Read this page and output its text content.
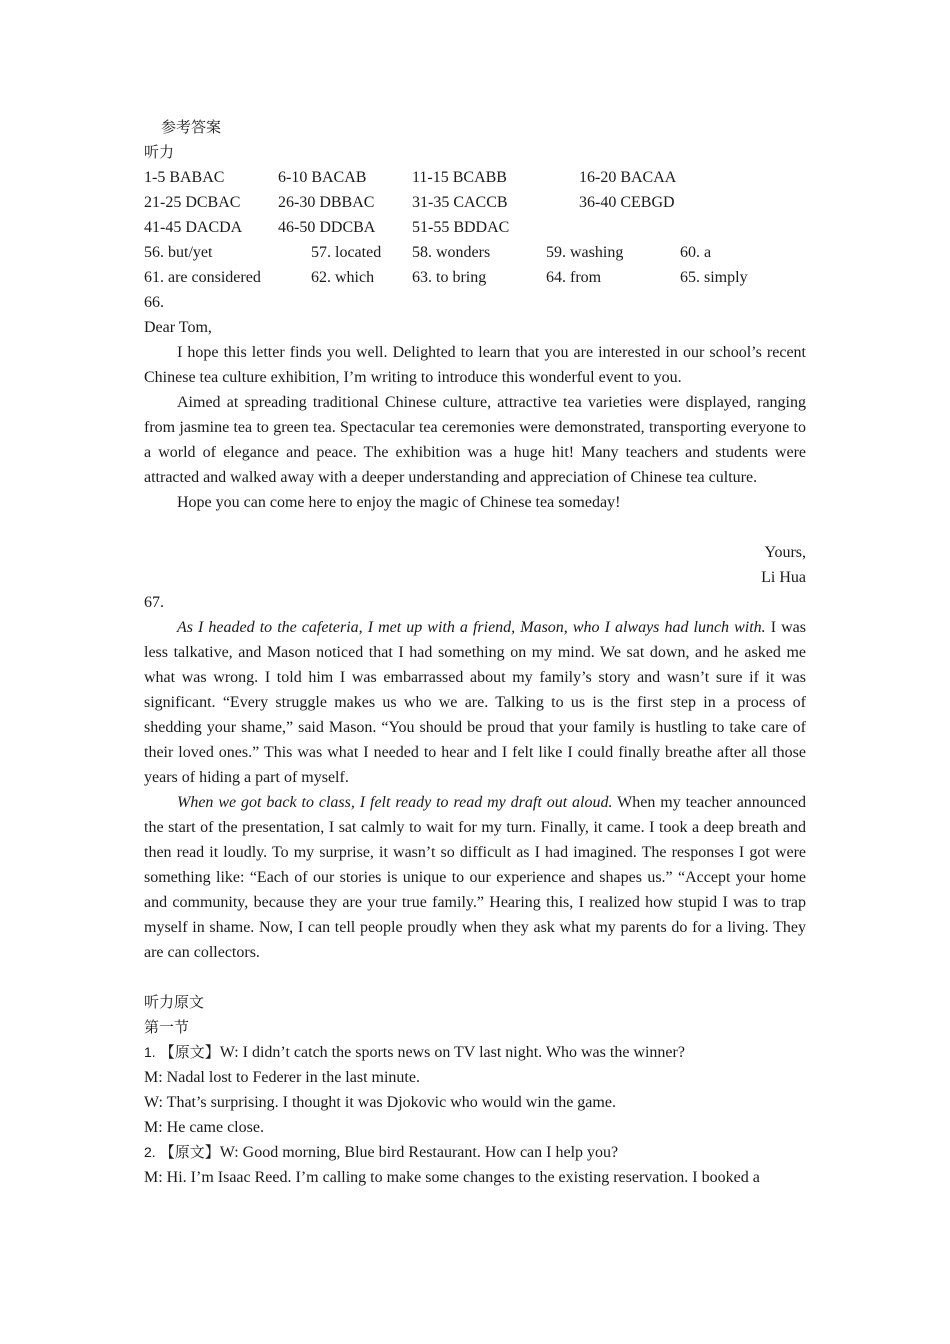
参考答案
听力
1-5 BABAC	6-10 BACAB	11-15 BCABB	16-20 BACAA
21-25 DCBAC 26-30 DBBAC 31-35 CACCB	36-40 CEBGD
41-45 DACDA 46-50 DDCBA 51-55 BDDAC
56. but/yet	57. located 58. wonders	59. washing	60. a
61. are considered	62. which 63. to bring	64. from	65. simply
66.
Dear Tom,

I hope this letter finds you well. Delighted to learn that you are interested in our school’s recent Chinese tea culture exhibition, I’m writing to introduce this wonderful event to you.

Aimed at spreading traditional Chinese culture, attractive tea varieties were displayed, ranging from jasmine tea to green tea. Spectacular tea ceremonies were demonstrated, transporting everyone to a world of elegance and peace. The exhibition was a huge hit! Many teachers and students were attracted and walked away with a deeper understanding and appreciation of Chinese tea culture.

Hope you can come here to enjoy the magic of Chinese tea someday!

Yours,
Li Hua
67.

As I headed to the cafeteria, I met up with a friend, Mason, who I always had lunch with. I was less talkative, and Mason noticed that I had something on my mind. We sat down, and he asked me what was wrong. I told him I was embarrassed about my family’s story and wasn’t sure if it was significant. “Every struggle makes us who we are. Talking to us is the first step in a process of shedding your shame,” said Mason. “You should be proud that your family is hustling to take care of their loved ones.” This was what I needed to hear and I felt like I could finally breathe after all those years of hiding a part of myself.

When we got back to class, I felt ready to read my draft out aloud. When my teacher announced the start of the presentation, I sat calmly to wait for my turn. Finally, it came. I took a deep breath and then read it loudly. To my surprise, it wasn’t so difficult as I had imagined. The responses I got were something like: “Each of our stories is unique to our experience and shapes us.” “Accept your home and community, because they are your true family.” Hearing this, I realized how stupid I was to trap myself in shame. Now, I can tell people proudly when they ask what my parents do for a living. They are can collectors.

听力原文
第一节
1. 【原文】W: I didn’t catch the sports news on TV last night. Who was the winner?
M: Nadal lost to Federer in the last minute.
W: That’s surprising. I thought it was Djokovic who would win the game.
M: He came close.
2. 【原文】W: Good morning, Blue bird Restaurant. How can I help you?

M: Hi. I’m Isaac Reed. I’m calling to make some changes to the existing reservation. I booked a
